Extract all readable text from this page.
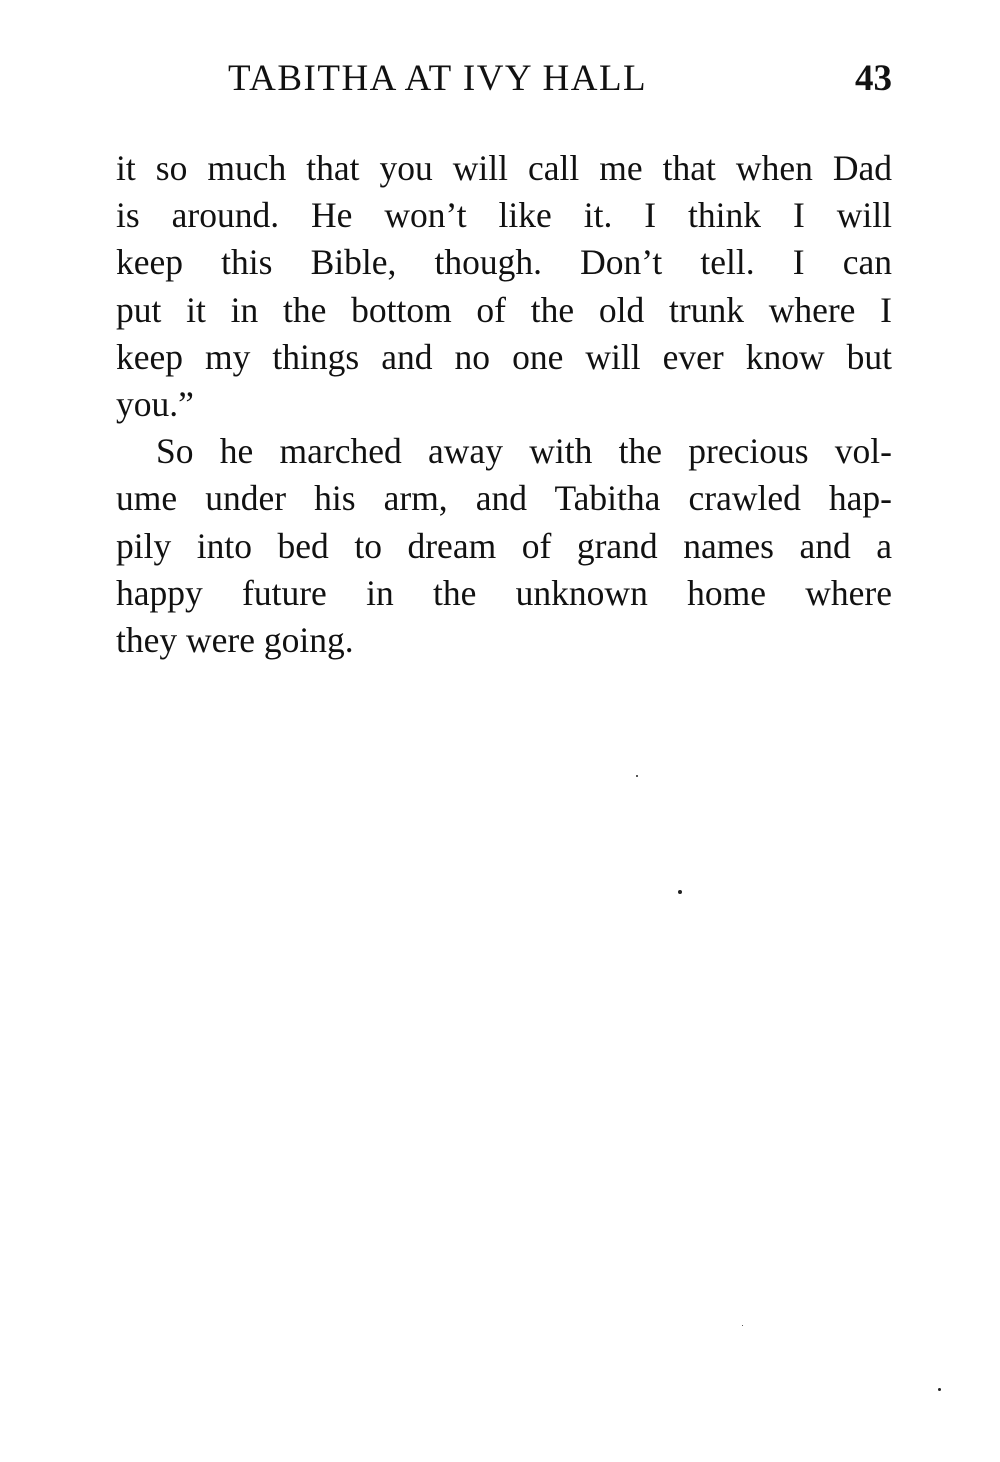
TABITHA AT IVY HALL	43
it so much that you will call me that when Dad
is around. He won’t like it. I think I will
keep this Bible, though. Don’t tell. I can
put it in the bottom of the old trunk where I
keep my things and no one will ever know but
you.”
So he marched away with the precious vol-
ume under his arm, and Tabitha crawled hap-
pily into bed to dream of grand names and a
happy future in the unknown home where
they were going.
